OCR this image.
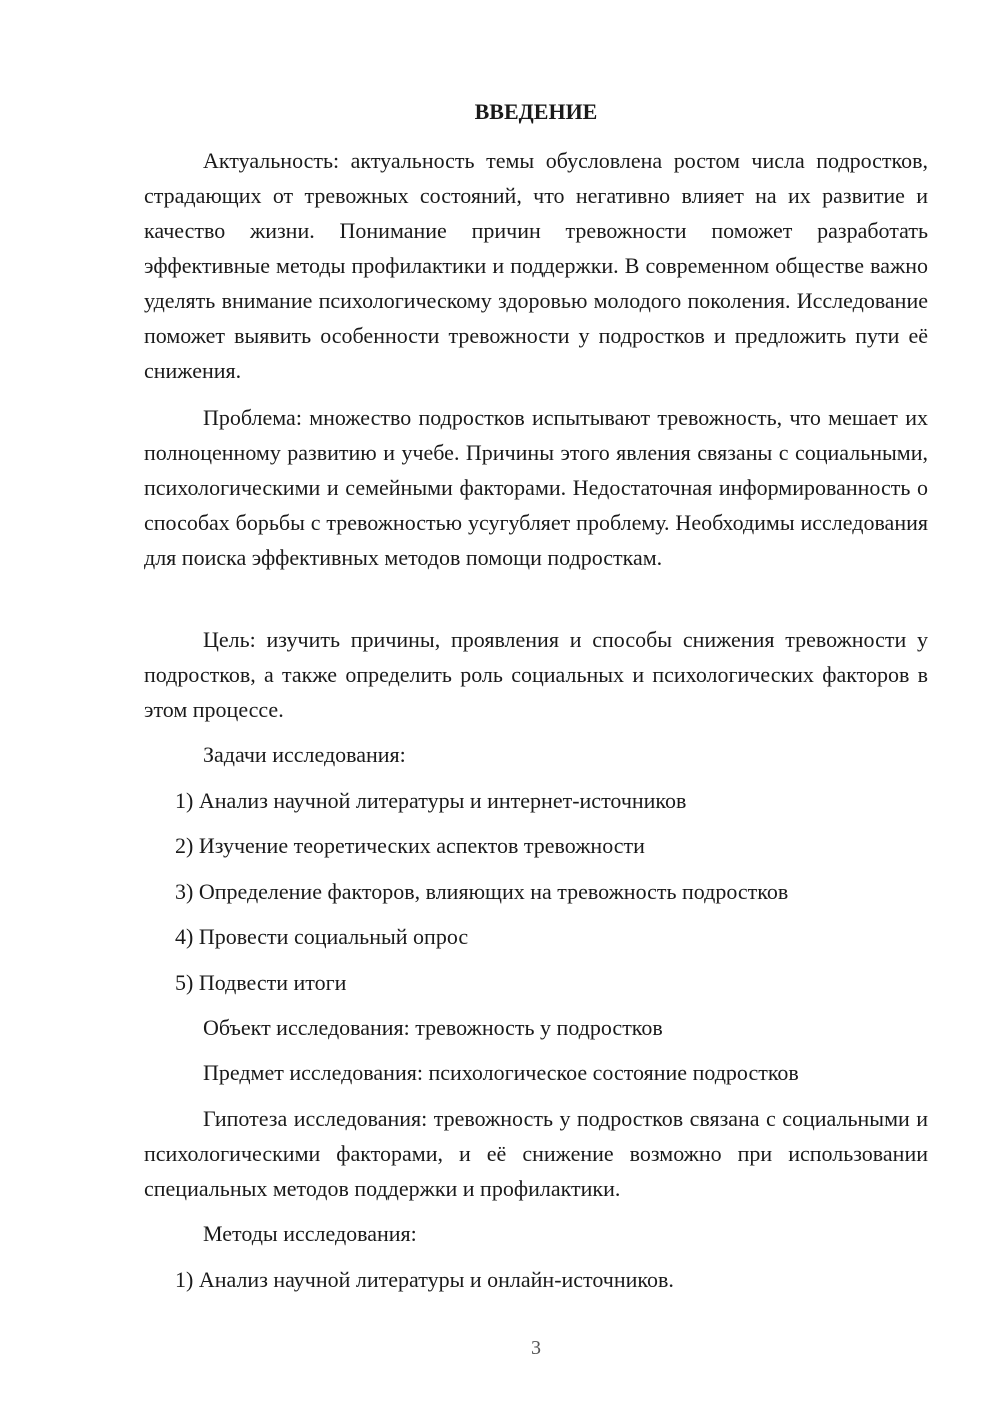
ВВЕДЕНИЕ

Актуальность: актуальность темы обусловлена ростом числа подростков, страдающих от тревожных состояний, что негативно влияет на их развитие и качество жизни. Понимание причин тревожности поможет разработать эффективные методы профилактики и поддержки. В современном обществе важно уделять внимание психологическому здоровью молодого поколения. Исследование поможет выявить особенности тревожности у подростков и предложить пути её снижения.

Проблема: множество подростков испытывают тревожность, что мешает их полноценному развитию и учебе. Причины этого явления связаны с социальными, психологическими и семейными факторами. Недостаточная информированность о способах борьбы с тревожностью усугубляет проблему. Необходимы исследования для поиска эффективных методов помощи подросткам.

Цель: изучить причины, проявления и способы снижения тревожности у подростков, а также определить роль социальных и психологических факторов в этом процессе.

Задачи исследования:

1) Анализ научной литературы и интернет-источников

2) Изучение теоретических аспектов тревожности

3) Определение факторов, влияющих на тревожность подростков

4) Провести социальный опрос

5) Подвести итоги

Объект исследования: тревожность у подростков

Предмет исследования: психологическое состояние подростков

Гипотеза исследования: тревожность у подростков связана с социальными и психологическими факторами, и её снижение возможно при использовании специальных методов поддержки и профилактики.

Методы исследования:

1) Анализ научной литературы и онлайн-источников.

3
